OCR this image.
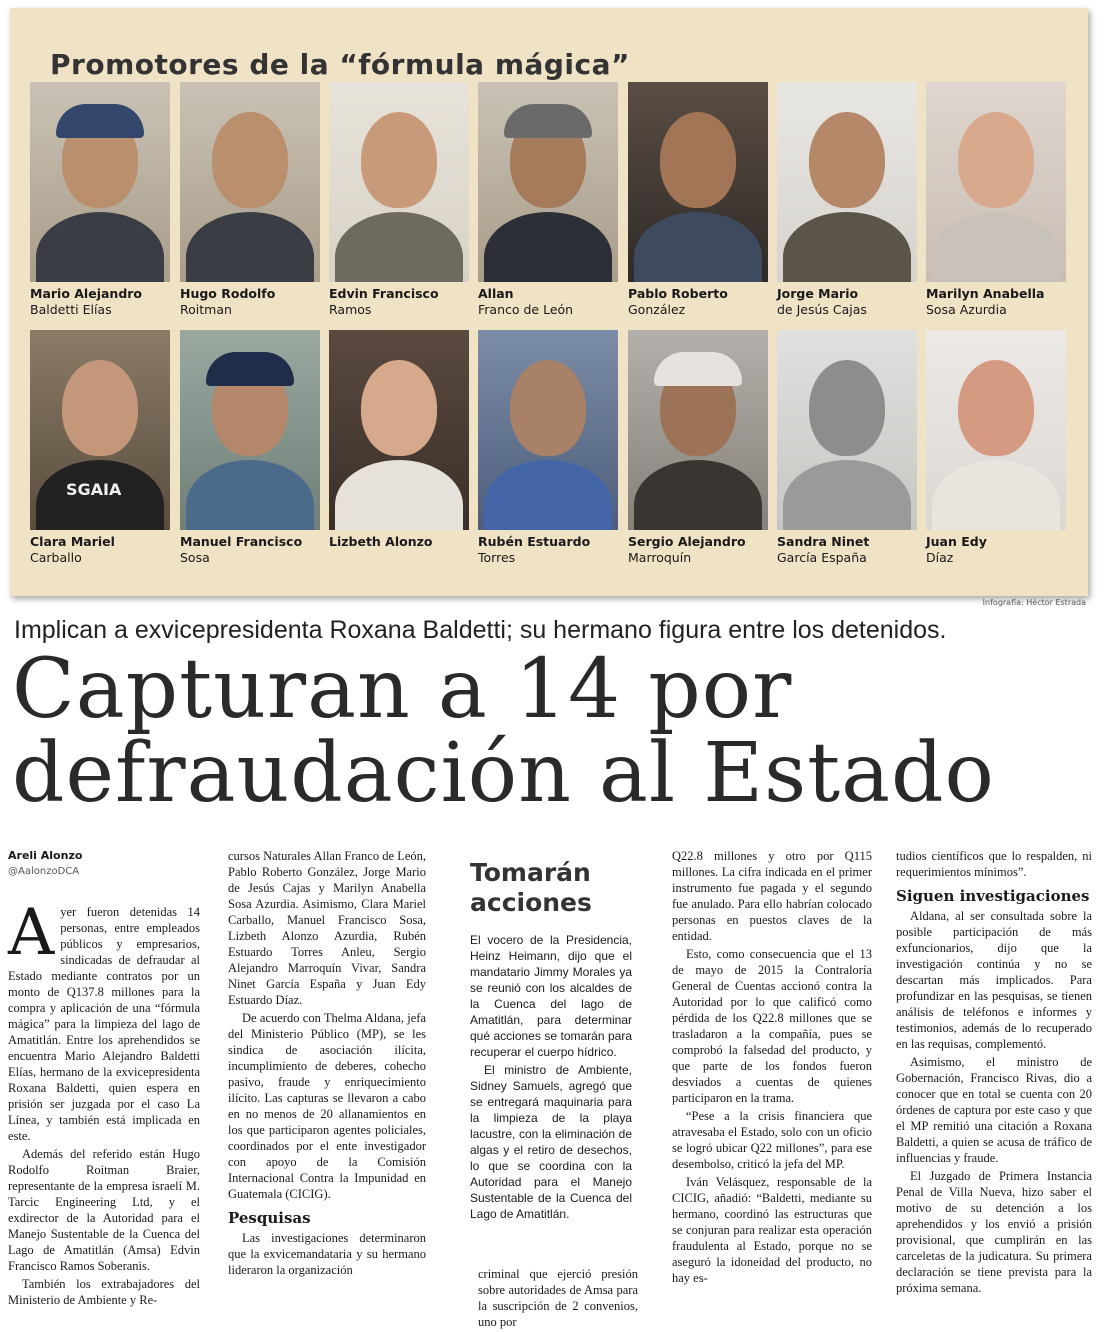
Promotores de la “fórmula mágica”
Mario Alejandro
Baldetti Elías
Hugo Rodolfo
Roitman
Edvin Francisco
Ramos
Allan
Franco de León
Pablo Roberto
González
Jorge Mario
de Jesús Cajas
Marilyn Anabella
Sosa Azurdia
SGAIA
Clara Mariel
Carballo
Manuel Francisco
Sosa
Lizbeth Alonzo	Rubén Estuardo
Torres
Sergio Alejandro
Marroquín
Sandra Ninet
García España
Juan Edy
Díaz
Infografía: Héctor Estrada
Implican a exvicepresidenta Roxana Baldetti; su hermano figura entre los detenidos.
Capturan a 14 por
defraudación al Estado
Areli Alonzo
@AalonzoDCA

Ayer fueron detenidas 14 personas, entre empleados públicos y empresarios, sindicadas de defraudar al Estado mediante contratos por un monto de Q137.8 millones para la compra y aplicación de una “fórmula mágica” para la limpieza del lago de Amatitlán. Entre los aprehendidos se encuentra Mario Alejandro Baldetti Elías, hermano de la exvicepresidenta Roxana Baldetti, quien espera en prisión ser juzgada por el caso La Línea, y también está implicada en este.

Además del referido están Hugo Rodolfo Roitman Braier, representante de la empresa israelí M. Tarcic Engineering Ltd, y el exdirector de la Autoridad para el Manejo Sustentable de la Cuenca del Lago de Amatitlán (Amsa) Edvin Francisco Ramos Soberanis.

También los extrabajadores del Ministerio de Ambiente y Re-

cursos Naturales Allan Franco de León, Pablo Roberto González, Jorge Mario de Jesús Cajas y Marilyn Anabella Sosa Azurdia. Asimismo, Clara Mariel Carballo, Manuel Francisco Sosa, Lizbeth Alonzo Azurdia, Rubén Estuardo Torres Anleu, Sergio Alejandro Marroquín Vivar, Sandra Ninet García España y Juan Edy Estuardo Díaz.

De acuerdo con Thelma Aldana, jefa del Ministerio Público (MP), se les sindica de asociación ilícita, incumplimiento de deberes, cohecho pasivo, fraude y enriquecimiento ilícito. Las capturas se llevaron a cabo en no menos de 20 allanamientos en los que participaron agentes policiales, coordinados por el ente investigador con apoyo de la Comisión Internacional Contra la Impunidad en Guatemala (CICIG).

Pesquisas

Las investigaciones determinaron que la exvicemandataria y su hermano lideraron la organización

Tomarán acciones

El vocero de la Presidencia, Heinz Heimann, dijo que el mandatario Jimmy Morales ya se reunió con los alcaldes de la Cuenca del lago de Amatitlán, para determinar qué acciones se tomarán para recuperar el cuerpo hídrico.

El ministro de Ambiente, Sidney Samuels, agregó que se entregará maquinaria para la limpieza de la playa lacustre, con la eliminación de algas y el retiro de desechos, lo que se coordina con la Autoridad para el Manejo Sustentable de la Cuenca del Lago de Amatitlán.

criminal que ejerció presión sobre autoridades de Amsa para la suscripción de 2 convenios, uno por

Q22.8 millones y otro por Q115 millones. La cifra indicada en el primer instrumento fue pagada y el segundo fue anulado. Para ello habrían colocado personas en puestos claves de la entidad.

Esto, como consecuencia que el 13 de mayo de 2015 la Contraloría General de Cuentas accionó contra la Autoridad por lo que calificó como pérdida de los Q22.8 millones que se trasladaron a la compañía, pues se comprobó la falsedad del producto, y que parte de los fondos fueron desviados a cuentas de quienes participaron en la trama.

“Pese a la crisis financiera que atravesaba el Estado, solo con un oficio se logró ubicar Q22 millones”, para ese desembolso, criticó la jefa del MP.

Iván Velásquez, responsable de la CICIG, añadió: “Baldetti, mediante su hermano, coordinó las estructuras que se conjuran para realizar esta operación fraudulenta al Estado, porque no se aseguró la idoneidad del producto, no hay es-

tudios científicos que lo respalden, ni requerimientos mínimos”.

Siguen investigaciones

Aldana, al ser consultada sobre la posible participación de más exfuncionarios, dijo que la investigación continúa y no se descartan más implicados. Para profundizar en las pesquisas, se tienen análisis de teléfonos e informes y testimonios, además de lo recuperado en las requisas, complementó.

Asimismo, el ministro de Gobernación, Francisco Rivas, dio a conocer que en total se cuenta con 20 órdenes de captura por este caso y que el MP remitió una citación a Roxana Baldetti, a quien se acusa de tráfico de influencias y fraude.

El Juzgado de Primera Instancia Penal de Villa Nueva, hizo saber el motivo de su detención a los aprehendidos y los envió a prisión provisional, que cumplirán en las carceletas de la judicatura. Su primera declaración se tiene prevista para la próxima semana.
